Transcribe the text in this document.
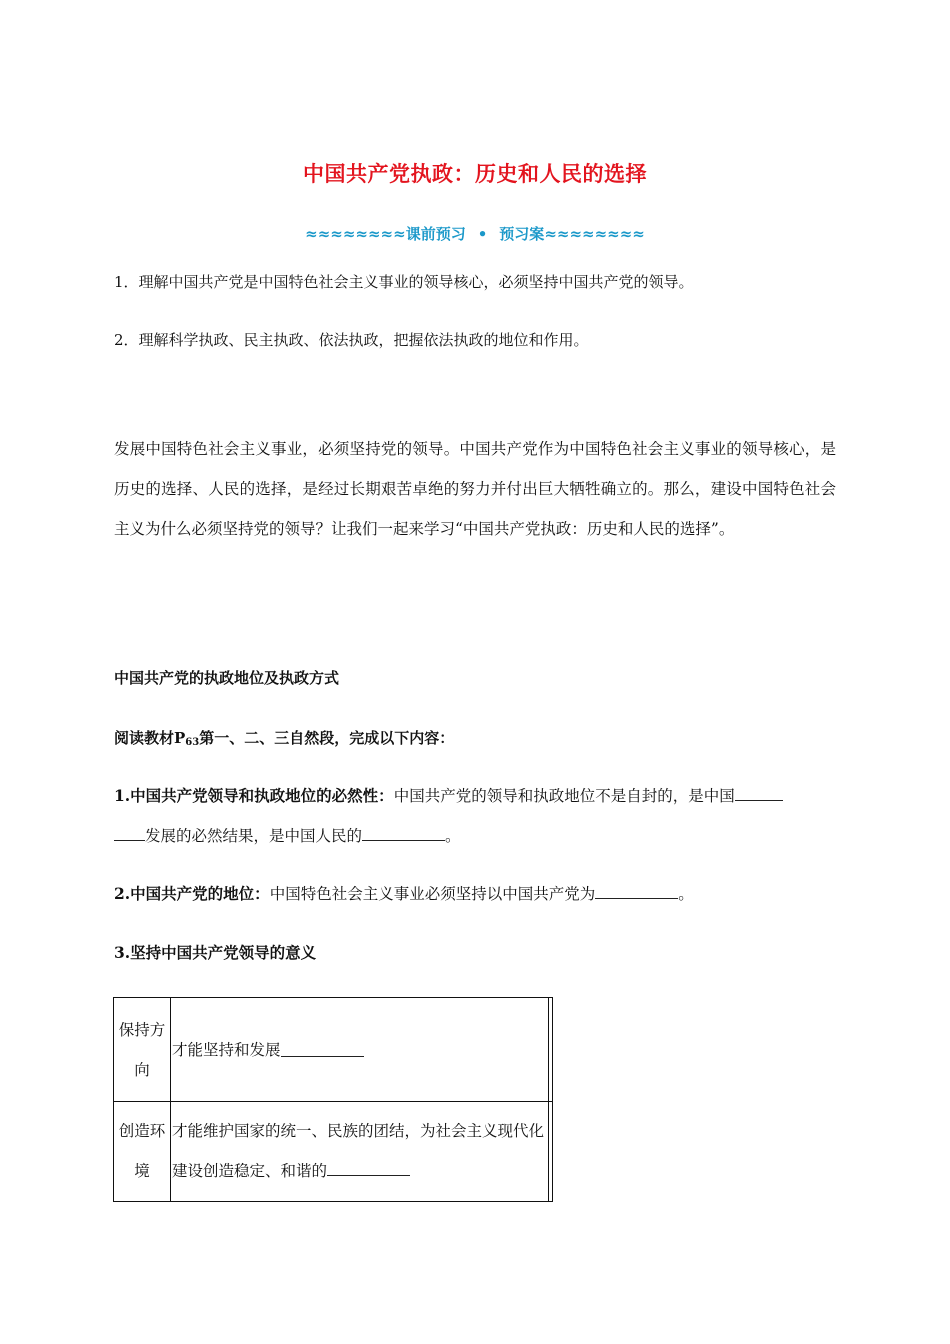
中国共产党执政：历史和人民的选择
≈≈≈≈≈≈≈≈课前预习 • 预习案≈≈≈≈≈≈≈≈
1．理解中国共产党是中国特色社会主义事业的领导核心，必须坚持中国共产党的领导。
2．理解科学执政、民主执政、依法执政，把握依法执政的地位和作用。
发展中国特色社会主义事业，必须坚持党的领导。中国共产党作为中国特色社会主义事业的领导核心，是历史的选择、人民的选择，是经过长期艰苦卓绝的努力并付出巨大牺牲确立的。那么，建设中国特色社会主义为什么必须坚持党的领导？让我们一起来学习“中国共产党执政：历史和人民的选择”。
中国共产党的执政地位及执政方式
阅读教材$P_{63}$第一、二、三自然段，完成以下内容：
1.中国共产党领导和执政地位的必然性：中国共产党的领导和执政地位不是自封的，是中国
发展的必然结果，是中国人民的	。
2.中国共产党的地位：中国特色社会主义事业必须坚持以中国共产党为	。
3.坚持中国共产党领导的意义
保持方向
才能坚持和发展
创造环境
才能维护国家的统一、民族的团结，为社会主义现代化建设创造稳定、和谐的
